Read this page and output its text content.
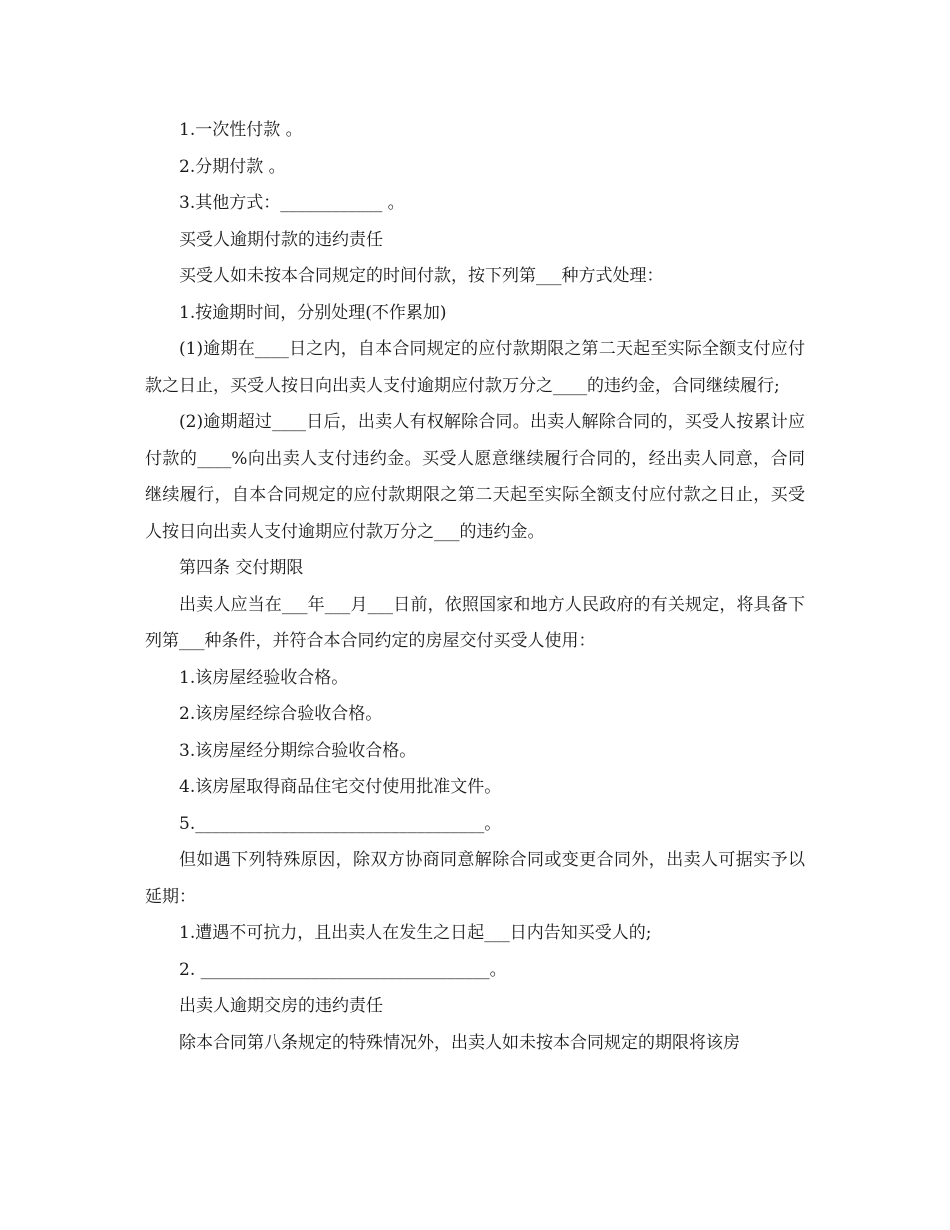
1.一次性付款 。

2.分期付款 。

3.其他方式：____________ 。

买受人逾期付款的违约责任

买受人如未按本合同规定的时间付款，按下列第___种方式处理：

1.按逾期时间，分别处理(不作累加)

(1)逾期在____日之内，自本合同规定的应付款期限之第二天起至实际全额支付应付款之日止，买受人按日向出卖人支付逾期应付款万分之____的违约金，合同继续履行;

(2)逾期超过____日后，出卖人有权解除合同。出卖人解除合同的，买受人按累计应付款的____%向出卖人支付违约金。买受人愿意继续履行合同的，经出卖人同意，合同继续履行，自本合同规定的应付款期限之第二天起至实际全额支付应付款之日止，买受人按日向出卖人支付逾期应付款万分之___的违约金。

第四条 交付期限

出卖人应当在___年___月___日前，依照国家和地方人民政府的有关规定，将具备下列第___种条件，并符合本合同约定的房屋交付买受人使用：

1.该房屋经验收合格。

2.该房屋经综合验收合格。

3.该房屋经分期综合验收合格。

4.该房屋取得商品住宅交付使用批准文件。

5.__________________________________。

但如遇下列特殊原因，除双方协商同意解除合同或变更合同外，出卖人可据实予以延期：

1.遭遇不可抗力，且出卖人在发生之日起___日内告知买受人的;

2. __________________________________。

出卖人逾期交房的违约责任

除本合同第八条规定的特殊情况外，出卖人如未按本合同规定的期限将该房
